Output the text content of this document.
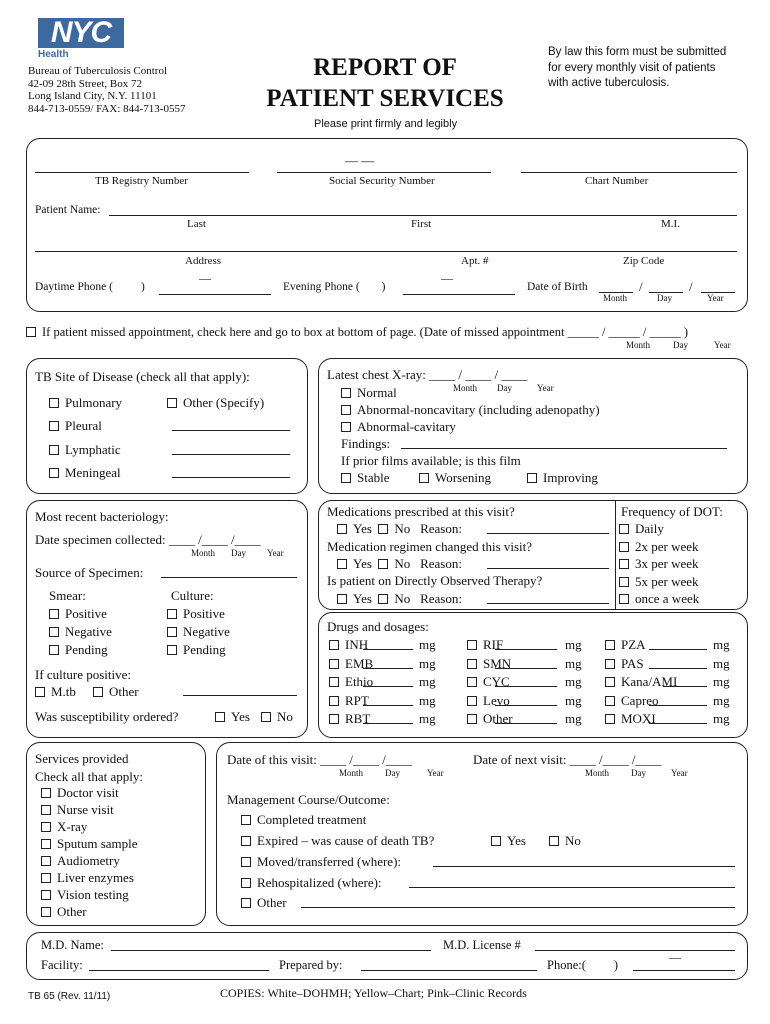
NYC
Health
Bureau of Tuberculosis Control
42-09 28th Street, Box 72
Long Island City, N.Y. 11101
844-713-0559/ FAX: 844-713-0557
REPORT OF
PATIENT SERVICES
By law this form must be submitted
for every monthly visit of patients
with active tuberculosis.
Please print firmly and legibly
— —
TB Registry Number	Social Security Number	Chart Number
Patient Name:
Last	First	M.I.
Address	Apt. #	Zip Code
Daytime Phone ( )
—
Evening Phone ( )
—
Date of Birth	/	/
Month	Day	Year
If patient missed appointment, check here and go to box at bottom of page. (Date of missed appointment _____ / _____ / _____ )
Month	Day	Year
TB Site of Disease (check all that apply):
Pulmonary
Pleural
Lymphatic
Meningeal
Other (Specify)
Latest chest X-ray: ____ / ____ / ____
Month Day	Year
Normal
Abnormal-noncavitary (including adenopathy)
Abnormal-cavitary
Findings:
If prior films available; is this film
Stable	Worsening	Improving
Most recent bacteriology:
Date specimen collected: ____ /____ /____
Month Day Year
Source of Specimen:
Smear:	Culture:
Positive
Negative
Pending
Positive
Negative
Pending
If culture positive:
M.tb	Other
Was susceptibility ordered?	Yes	No
Medications prescribed at this visit?
Yes No Reason:
Medication regimen changed this visit?
Yes No Reason:
Is patient on Directly Observed Therapy?
Yes No Reason:
Frequency of DOT:
Daily
2x per week
3x per week
5x per week
once a week
Drugs and dosages:
INH	mg
EMB	mg
Ethio	mg
RPT	mg
RBT	mg
RIF	mg
SMN	mg
CYC	mg
Levo	mg
Other	mg
PZA	mg
PAS	mg
Kana/AMI	mg
Capreo	mg
MOXI	mg
Services provided
Check all that apply:
Doctor visit
Nurse visit
X-ray
Sputum sample
Audiometry
Liver enzymes
Vision testing
Other
Date of this visit: ____ /____ /____
Month Day	Year
Date of next visit: ____ /____ /____
Month Day	Year
Management Course/Outcome:
Completed treatment
Expired – was cause of death TB?	Yes	No
Moved/transferred (where):
Rehospitalized (where):
Other
M.D. Name:	M.D. License #
Facility:	Prepared by:	Phone:( )
—
TB 65 (Rev. 11/11)	COPIES: White–DOHMH; Yellow–Chart; Pink–Clinic Records
